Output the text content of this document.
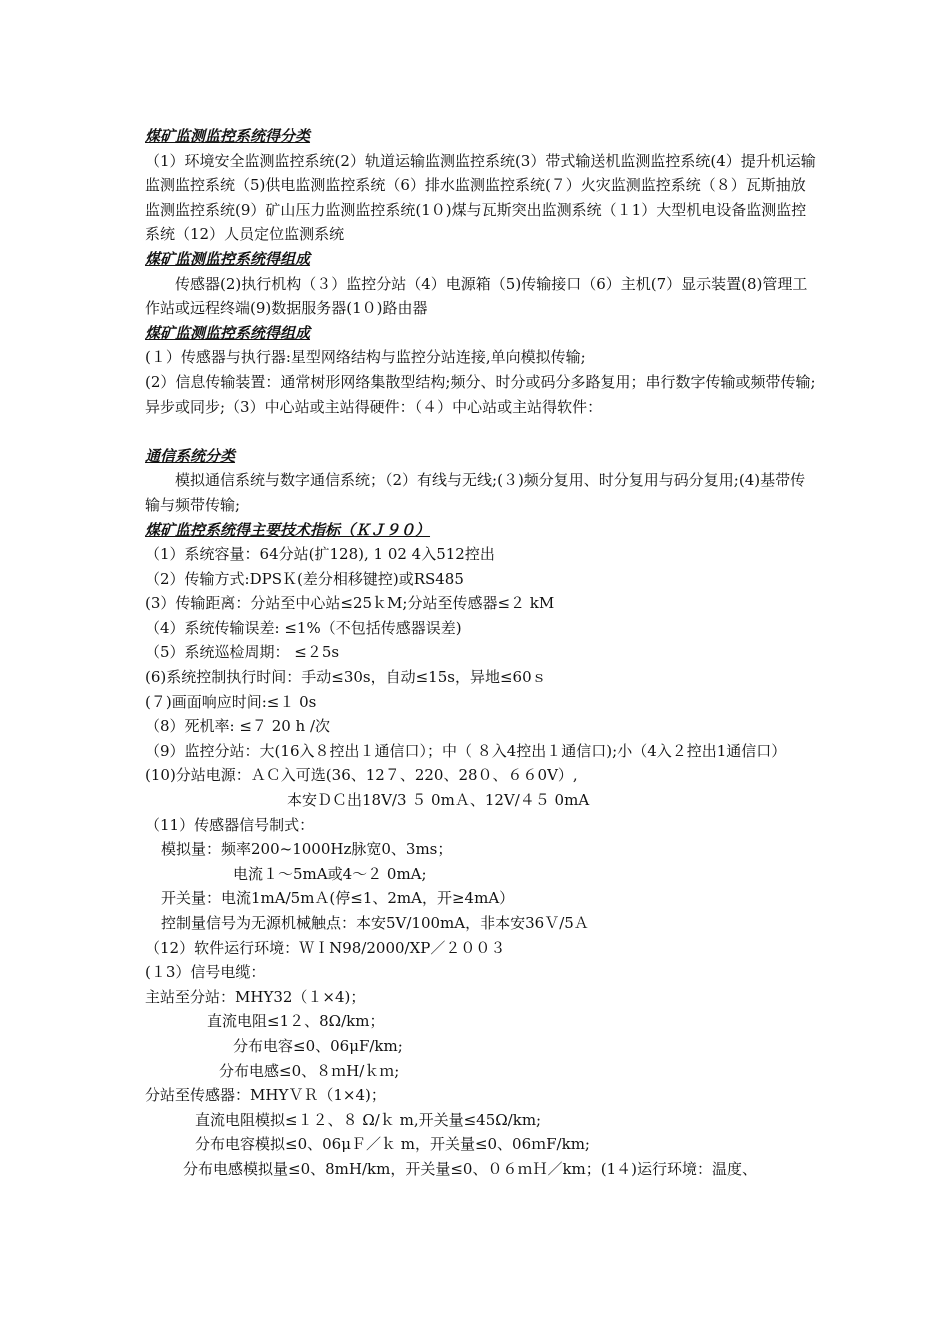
煤矿监测监控系统得分类
（1）环境安全监测监控系统(2）轨道运输监测监控系统(3）带式输送机监测监控系统(4）提升机运输监测监控系统（5)供电监测监控系统（6）排水监测监控系统(７）火灾监测监控系统（８）瓦斯抽放监测监控系统(9）矿山压力监测监控系统(1０)煤与瓦斯突出监测系统（１1）大型机电设备监测监控系统（12）人员定位监测系统
煤矿监测监控系统得组成
传感器(2)执行机构（３）监控分站（4）电源箱（5)传输接口（6）主机(7）显示装置(8)管理工作站或远程终端(9)数据服务器(1０)路由器　　　　　　　　
煤矿监测监控系统得组成
(１）传感器与执行器:星型网络结构与监控分站连接,单向模拟传输;
(2）信息传输装置：通常树形网络集散型结构;频分、时分或码分多路复用；串行数字传输或频带传输;异步或同步;（3）中心站或主站得硬件：（４）中心站或主站得软件：
通信系统分类
模拟通信系统与数字通信系统；（2）有线与无线;(３)频分复用、时分复用与码分复用;(4)基带传输与频带传输;
煤矿监控系统得主要技术指标（ＫＪ９０）
（1）系统容量：64分站(扩128), 1 02 4入512控出
（2）传输方式:DPSＫ(差分相移键控)或RS485
(3）传输距离：分站至中心站≤25ｋM;分站至传感器≤２ kM
（4）系统传输误差: ≤1%（不包括传感器误差)
（5）系统巡检周期： ≤２5s
(6)系统控制执行时间：手动≤30s，自动≤15s，异地≤60ｓ
(７)画面响应时间:≤１ 0s
（8）死机率: ≤７ 20 h /次
（9）监控分站：大(16入８控出１通信口）；中（ ８入4控出１通信口);小（4入２控出1通信口）
(10)分站电源：ＡＣ入可选(36、12７、220、28０、６６0V）,
本安ＤＣ出18V/3 ５ 0mＡ、12V/４５ 0mA
（11）传感器信号制式：
模拟量：频率200~1000Hz脉宽0、3ms；
电流１～5mA或4～２ 0mA;
开关量：电流1mA/5mＡ(停≤1、2mA，开≥4mA）
控制量信号为无源机械触点：本安5V/100mA，非本安36Ｖ/5Ａ
（12）软件运行环境：ＷＩN98/2000/XP／２００３
(１3）信号电缆：
主站至分站：MHY32（１×4)；
直流电阻≤1２、8Ω/km；
分布电容≤0、06μF/km;
分布电感≤0、８ｍH/ｋｍ;
分站至传感器：MHYＶＲ（1×4)；
直流电阻模拟≤１２、８ Ω/ｋ m,开关量≤45Ω/km;
分布电容模拟≤0、06μＦ／ｋ m，开关量≤0、06ｍF/km;
分布电感模拟量≤0、8mH/km，开关量≤0、０６ｍＨ／km；(1４)运行环境：温度、
